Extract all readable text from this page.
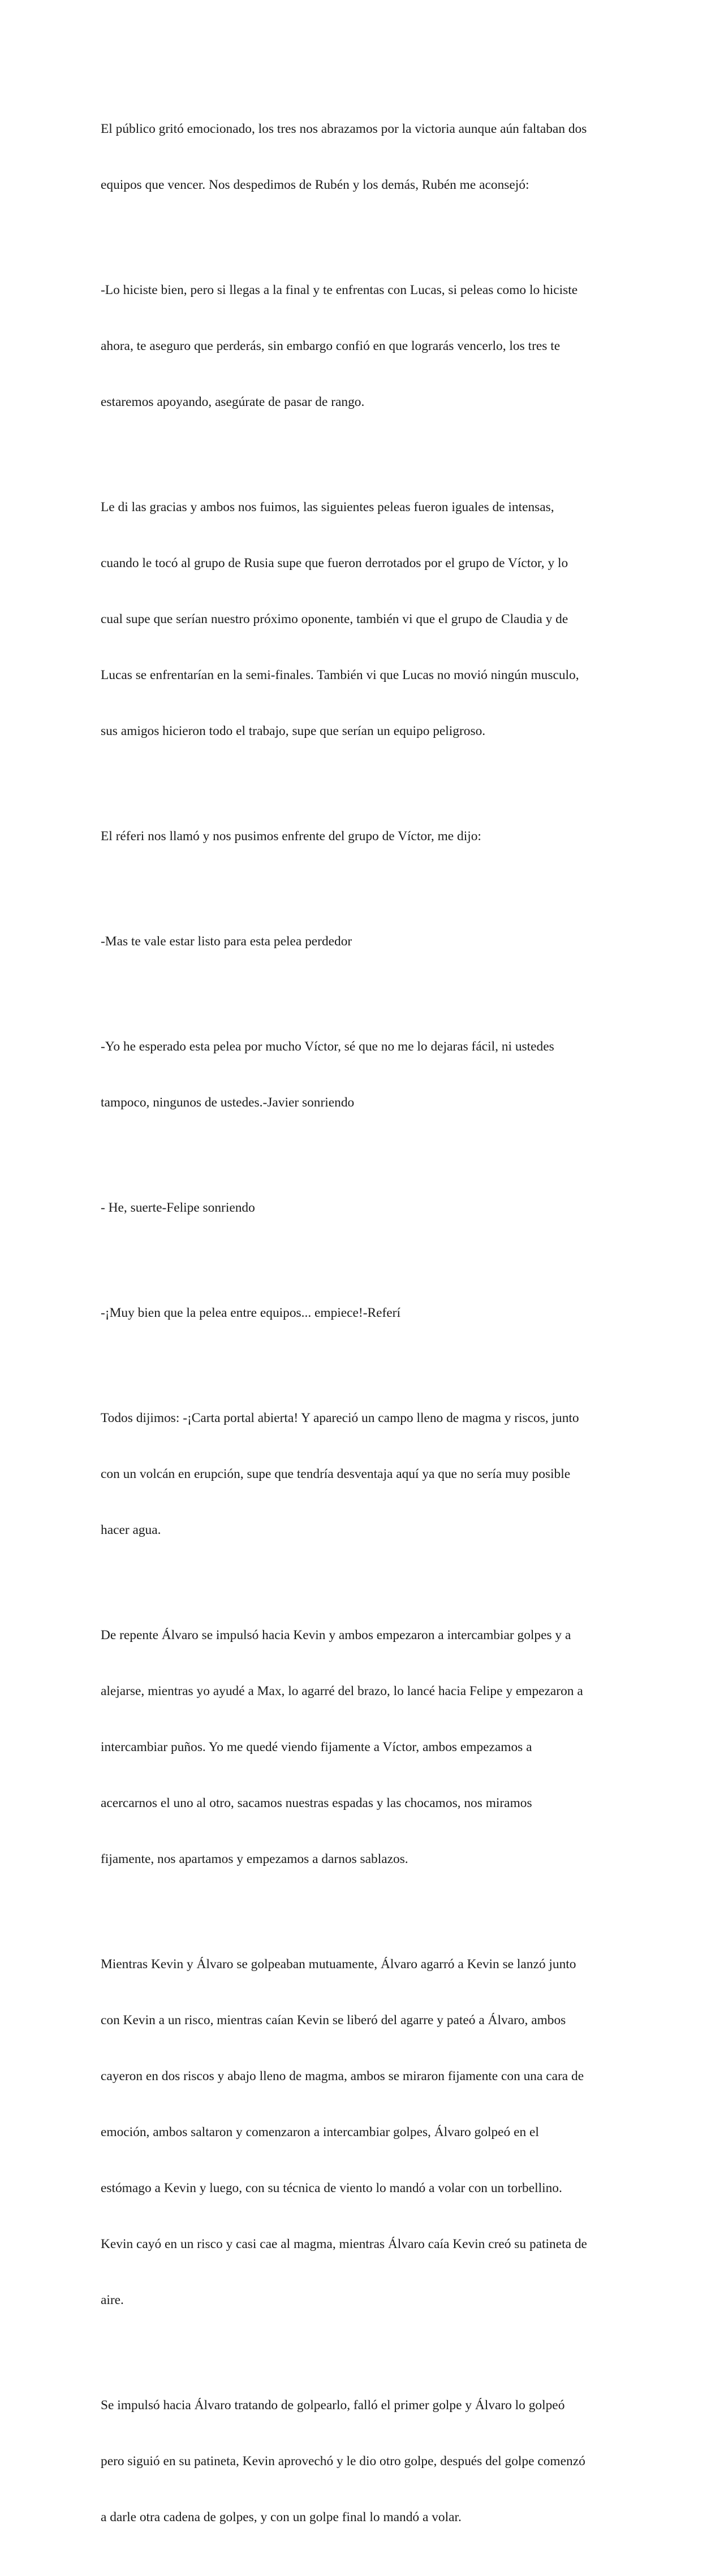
El público gritó emocionado, los tres nos abrazamos por la victoria aunque aún faltaban dos

equipos que vencer. Nos despedimos de Rubén y los demás, Rubén me aconsejó:

-Lo hiciste bien, pero si llegas a la final y te enfrentas con Lucas, si peleas como lo hiciste

ahora, te aseguro que perderás, sin embargo confió en que lograrás vencerlo, los tres te

estaremos apoyando, asegúrate de pasar de rango.

Le di las gracias y ambos nos fuimos, las siguientes peleas fueron iguales de intensas,

cuando le tocó al grupo de Rusia supe que fueron derrotados por el grupo de Víctor, y lo

cual supe que serían nuestro próximo oponente, también vi que el grupo de Claudia y de

Lucas se enfrentarían en la semi-finales. También vi que Lucas no movió ningún musculo,

sus amigos hicieron todo el trabajo, supe que serían un equipo peligroso.

El réferi nos llamó y nos pusimos enfrente del grupo de Víctor, me dijo:

-Mas te vale estar listo para esta pelea perdedor

-Yo he esperado esta pelea por mucho Víctor, sé que no me lo dejaras fácil, ni ustedes

tampoco, ningunos de ustedes.-Javier sonriendo

- He, suerte-Felipe sonriendo

-¡Muy bien que la pelea entre equipos... empiece!-Referí

Todos dijimos: -¡Carta portal abierta! Y apareció un campo lleno de magma y riscos, junto

con un volcán en erupción, supe que tendría desventaja aquí ya que no sería muy posible

hacer agua.

De repente Álvaro se impulsó hacia Kevin y ambos empezaron a intercambiar golpes y a

alejarse, mientras yo ayudé a Max, lo agarré del brazo, lo lancé hacia Felipe y empezaron a

intercambiar puños. Yo me quedé viendo fijamente a Víctor, ambos empezamos a

acercarnos el uno al otro, sacamos nuestras espadas y las chocamos, nos miramos

fijamente, nos apartamos y empezamos a darnos sablazos.

Mientras Kevin y Álvaro se golpeaban mutuamente, Álvaro agarró a Kevin se lanzó junto

con Kevin a un risco, mientras caían Kevin se liberó del agarre y pateó a Álvaro, ambos

cayeron en dos riscos y abajo lleno de magma, ambos se miraron fijamente con una cara de

emoción, ambos saltaron y comenzaron a intercambiar golpes, Álvaro golpeó en el

estómago a Kevin y luego, con su técnica de viento lo mandó a volar con un torbellino.

Kevin cayó en un risco y casi cae al magma, mientras Álvaro caía Kevin creó su patineta de

aire.

Se impulsó hacia Álvaro tratando de golpearlo, falló el primer golpe y Álvaro lo golpeó

pero siguió en su patineta, Kevin aprovechó y le dio otro golpe, después del golpe comenzó

a darle otra cadena de golpes, y con un golpe final lo mandó a volar.
